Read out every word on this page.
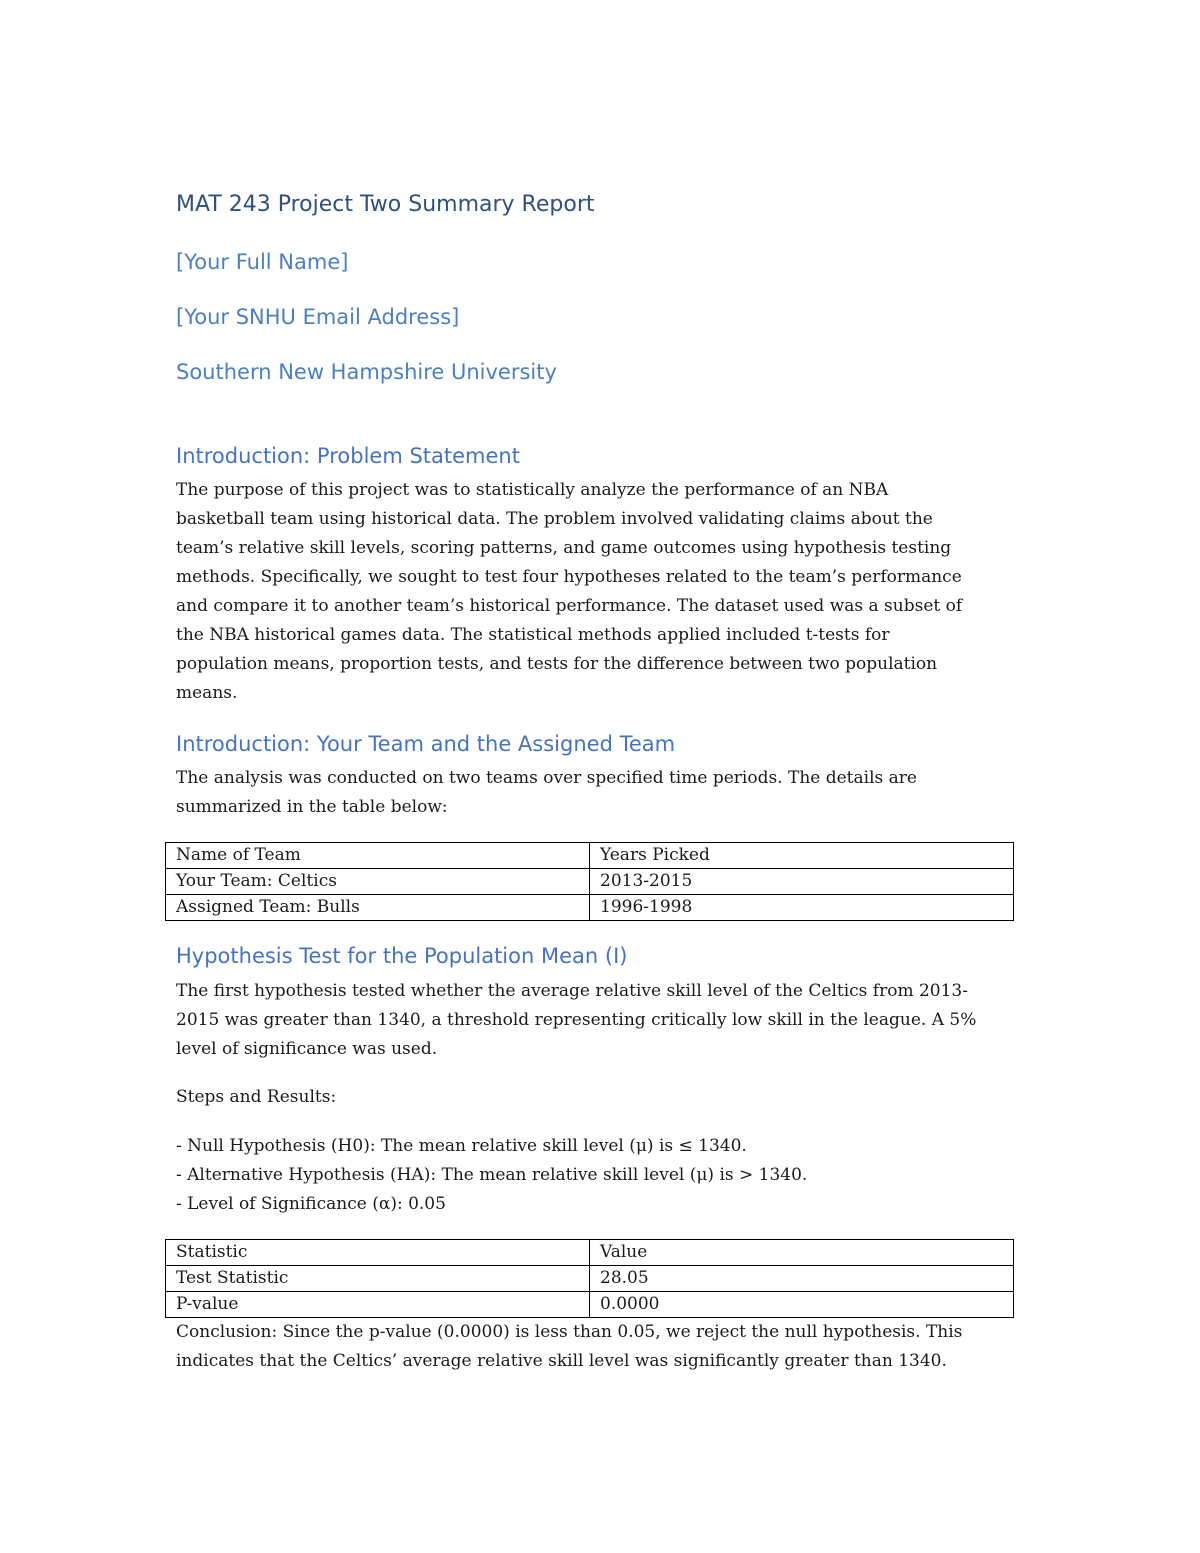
MAT 243 Project Two Summary Report
[Your Full Name]
[Your SNHU Email Address]
Southern New Hampshire University
Introduction: Problem Statement
The purpose of this project was to statistically analyze the performance of an NBA
basketball team using historical data. The problem involved validating claims about the
team’s relative skill levels, scoring patterns, and game outcomes using hypothesis testing
methods. Specifically, we sought to test four hypotheses related to the team’s performance
and compare it to another team’s historical performance. The dataset used was a subset of
the NBA historical games data. The statistical methods applied included t-tests for
population means, proportion tests, and tests for the difference between two population
means.
Introduction: Your Team and the Assigned Team
The analysis was conducted on two teams over specified time periods. The details are
summarized in the table below:
Name of Team	Years Picked
Your Team: Celtics	2013-2015
Assigned Team: Bulls	1996-1998
Hypothesis Test for the Population Mean (I)
The first hypothesis tested whether the average relative skill level of the Celtics from 2013-
2015 was greater than 1340, a threshold representing critically low skill in the league. A 5%
level of significance was used.
Steps and Results:
- Null Hypothesis (H0): The mean relative skill level (μ) is ≤ 1340.
- Alternative Hypothesis (HA): The mean relative skill level (μ) is > 1340.
- Level of Significance (α): 0.05
Statistic	Value
Test Statistic	28.05
P-value	0.0000
Conclusion: Since the p-value (0.0000) is less than 0.05, we reject the null hypothesis. This
indicates that the Celtics’ average relative skill level was significantly greater than 1340.
